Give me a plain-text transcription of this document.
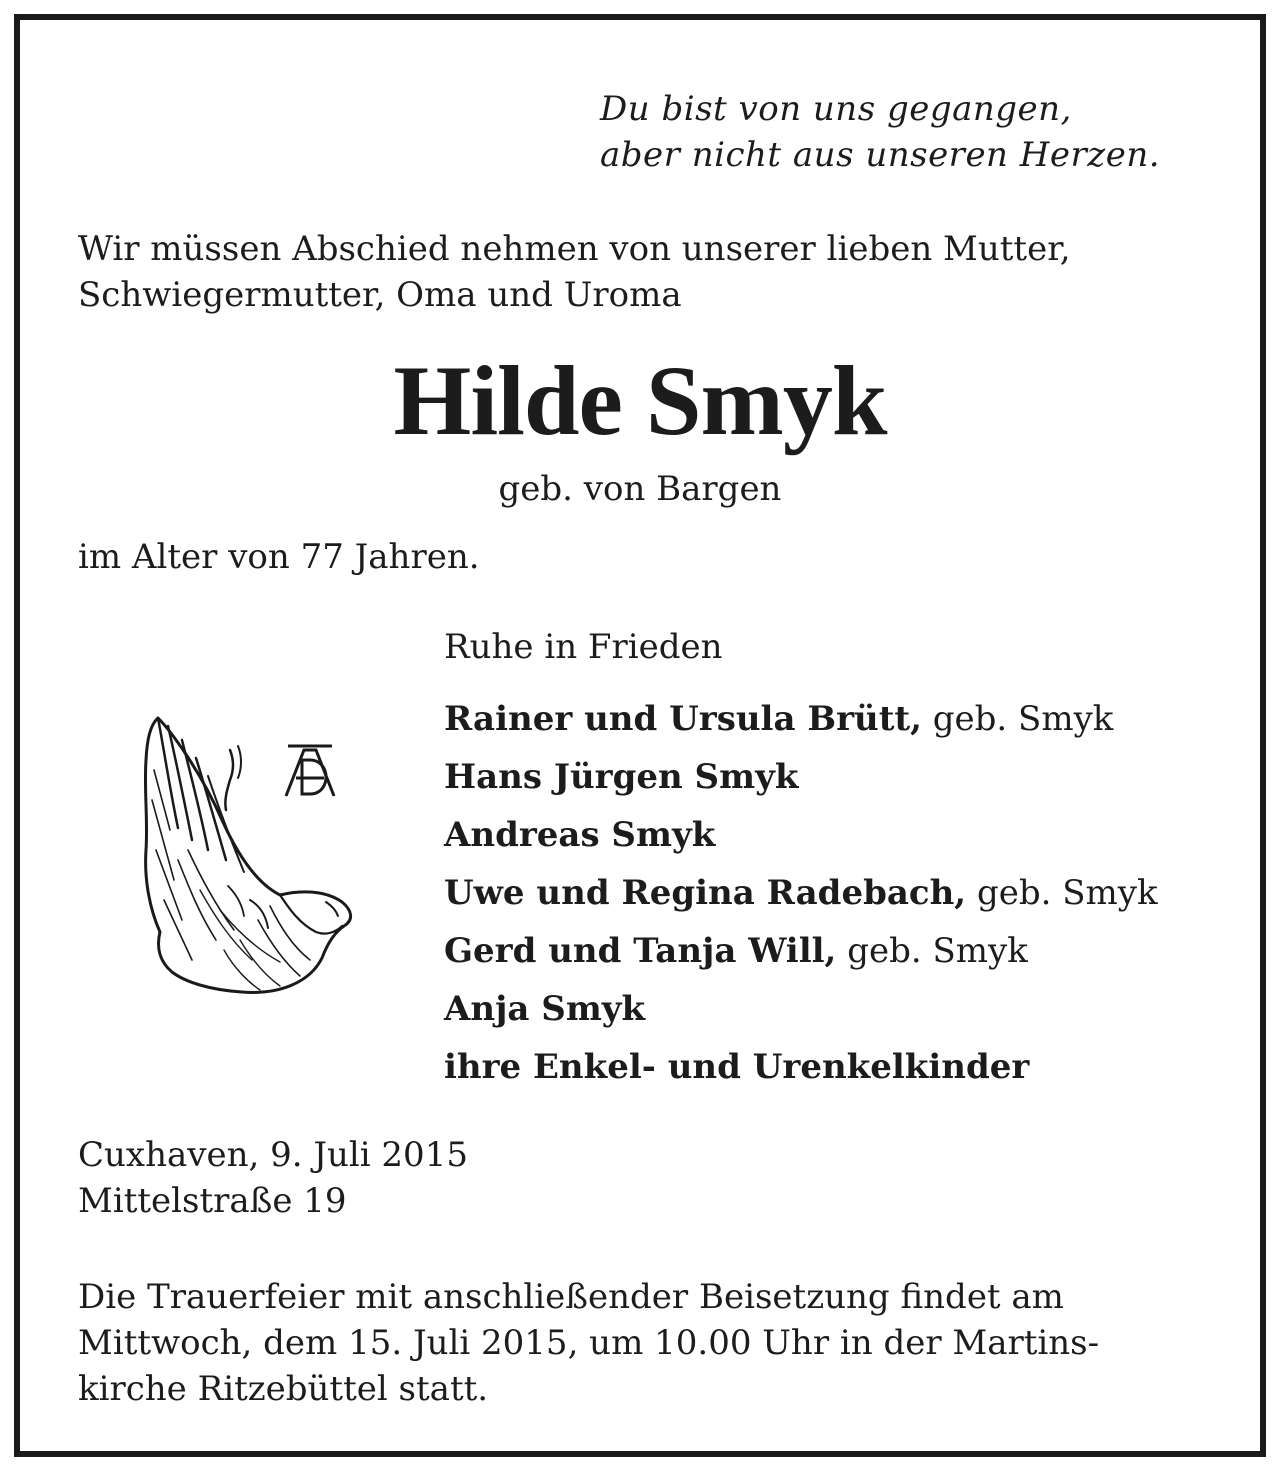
Du bist von uns gegangen,
aber nicht aus unseren Herzen.
Wir müssen Abschied nehmen von unserer lieben Mutter,
Schwiegermutter, Oma und Uroma
Hilde Smyk
geb. von Bargen
im Alter von 77 Jahren.
Ruhe in Frieden
Rainer und Ursula Brütt, geb. Smyk
Hans Jürgen Smyk
Andreas Smyk
Uwe und Regina Radebach, geb. Smyk
Gerd und Tanja Will, geb. Smyk
Anja Smyk
ihre Enkel- und Urenkelkinder
Cuxhaven, 9. Juli 2015
Mittelstraße 19
Die Trauerfeier mit anschließender Beisetzung findet am
Mittwoch, dem 15. Juli 2015, um 10.00 Uhr in der Martins-
kirche Ritzebüttel statt.
